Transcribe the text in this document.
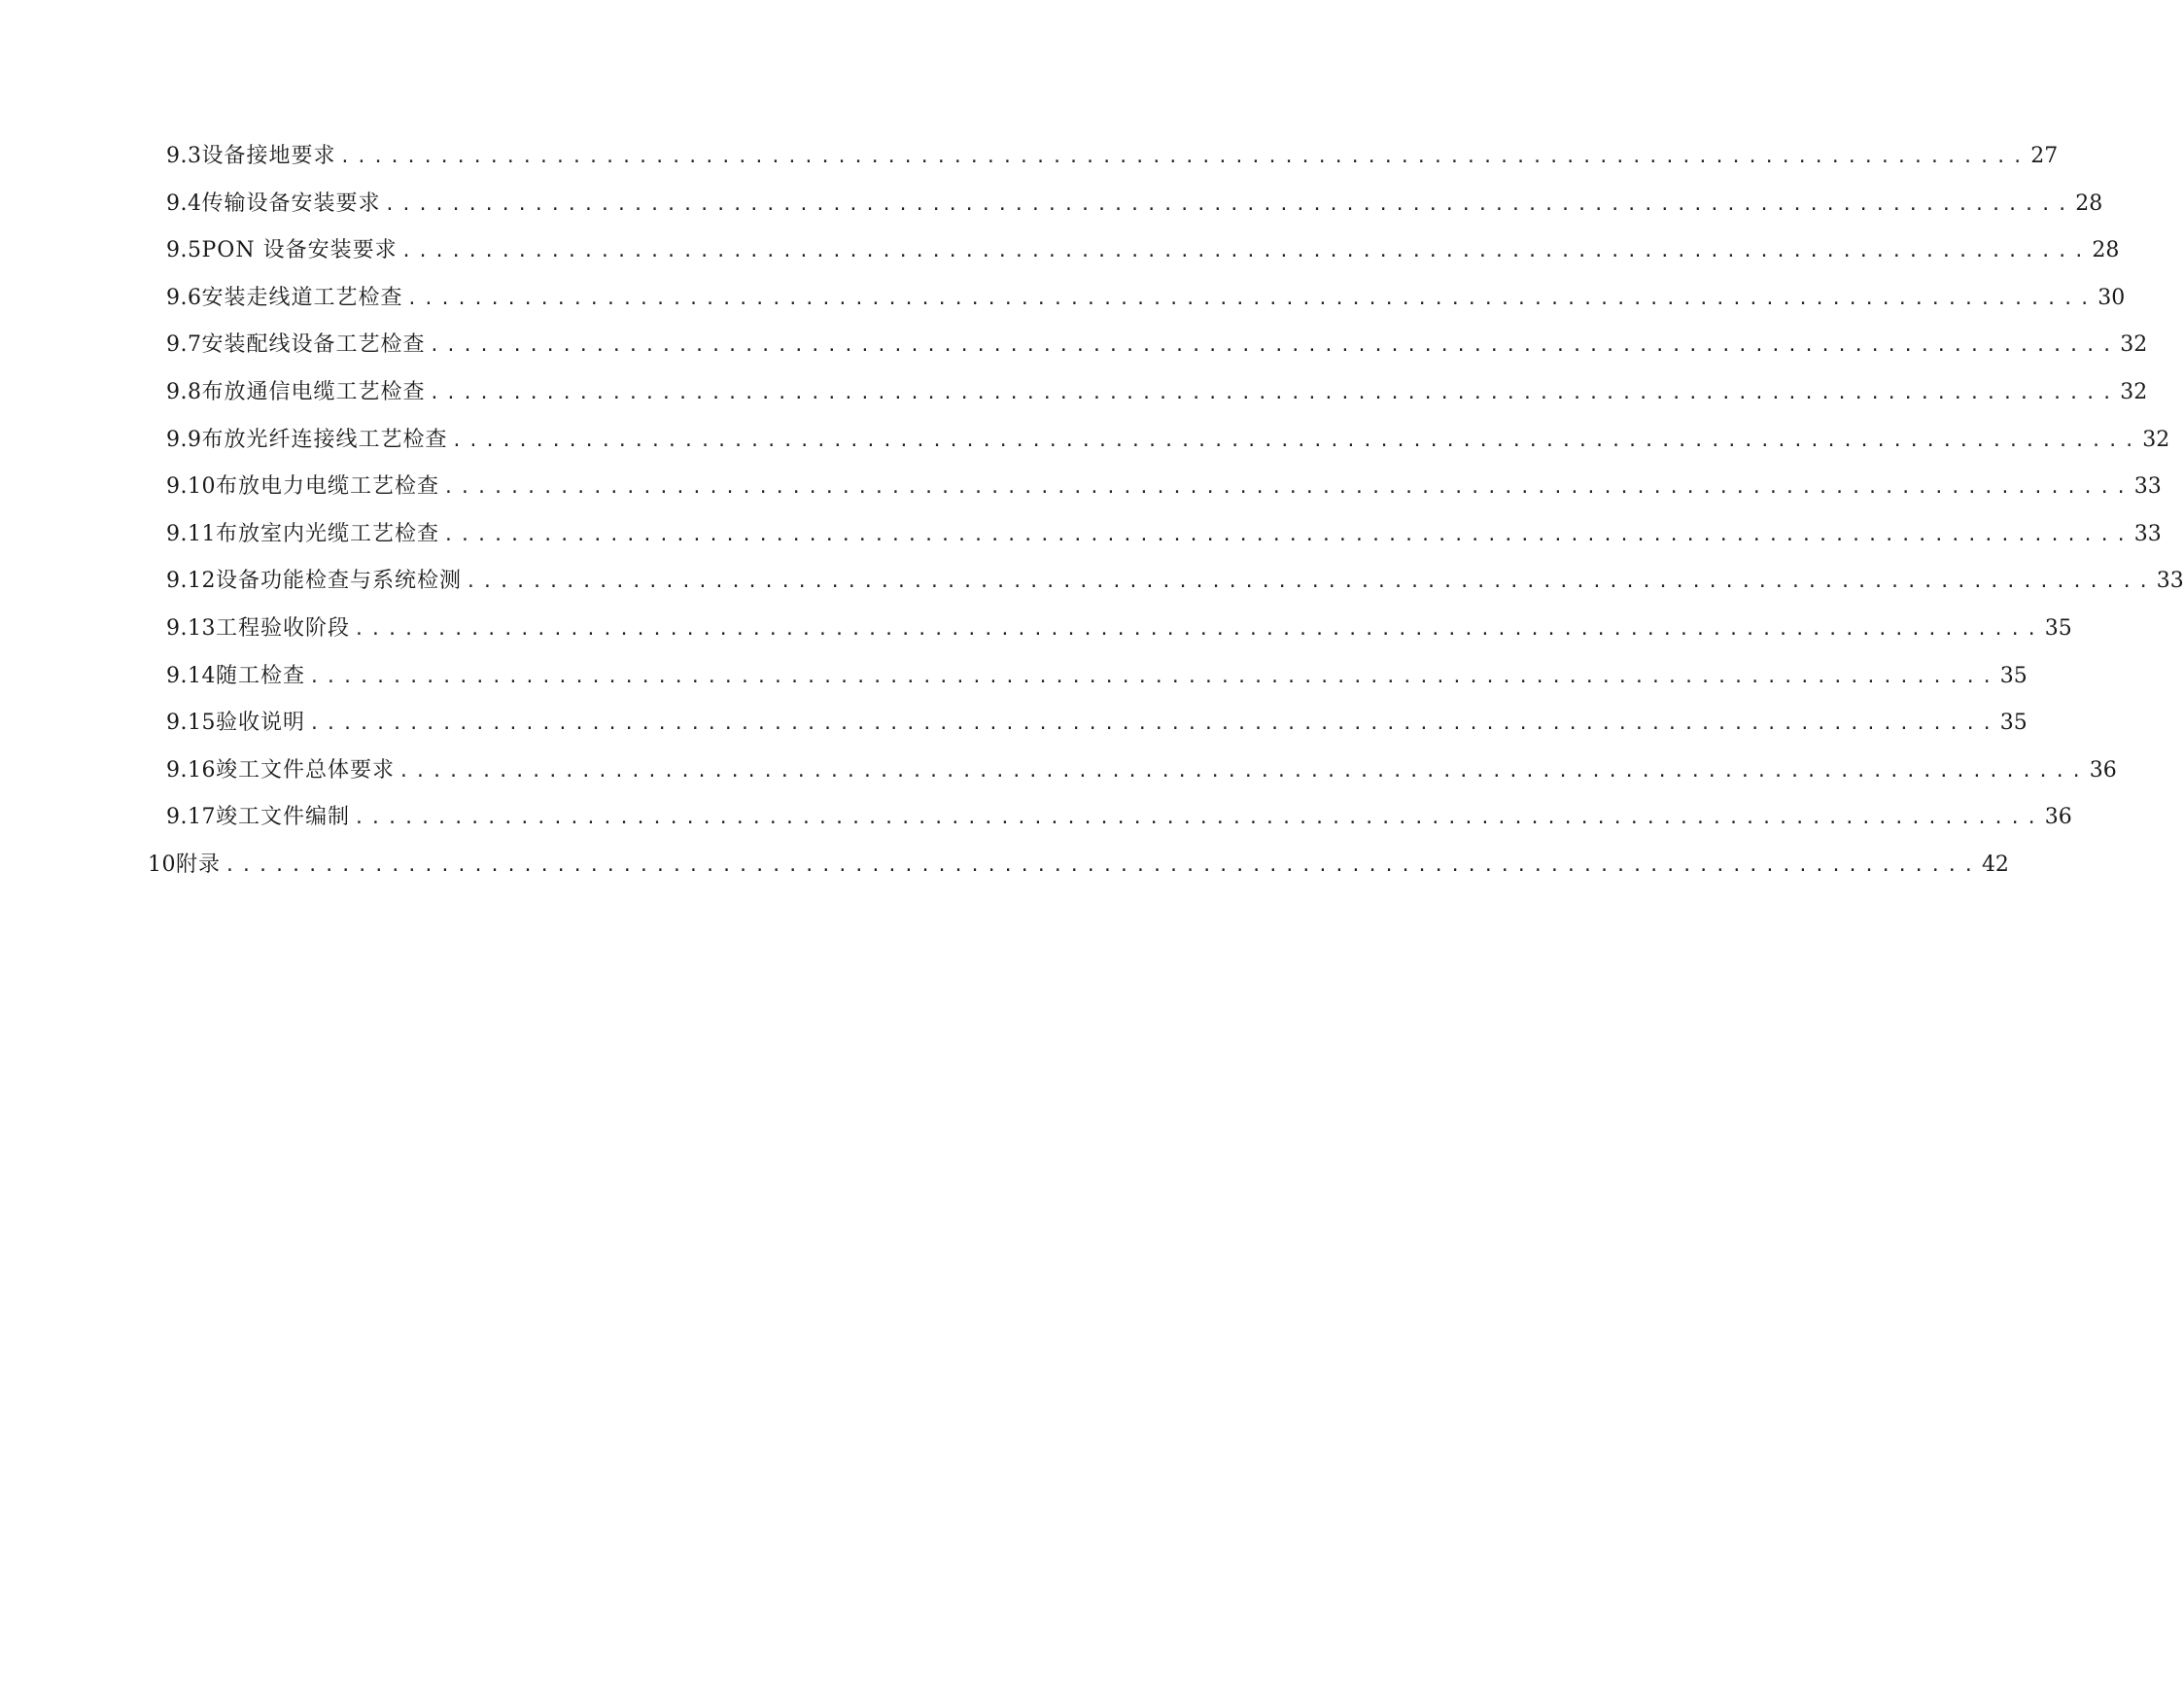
9.3 设备接地要求 ...................................................................................................... 27
9.4 传输设备安装要求 ...................................................................................................... 28
9.5 PON 设备安装要求 ...................................................................................................... 28
9.6 安装走线道工艺检查 ...................................................................................................... 30
9.7 安装配线设备工艺检查 ...................................................................................................... 32
9.8 布放通信电缆工艺检查 ...................................................................................................... 32
9.9 布放光纤连接线工艺检查 ...................................................................................................... 32
9.10 布放电力电缆工艺检查 ...................................................................................................... 33
9.11 布放室内光缆工艺检查 ...................................................................................................... 33
9.12 设备功能检查与系统检测 ...................................................................................................... 33
9.13 工程验收阶段 ...................................................................................................... 35
9.14 随工检查 ...................................................................................................... 35
9.15 验收说明 ...................................................................................................... 35
9.16 竣工文件总体要求 ...................................................................................................... 36
9.17 竣工文件编制 ...................................................................................................... 36
10 附录 .......................................................................................................... 42
